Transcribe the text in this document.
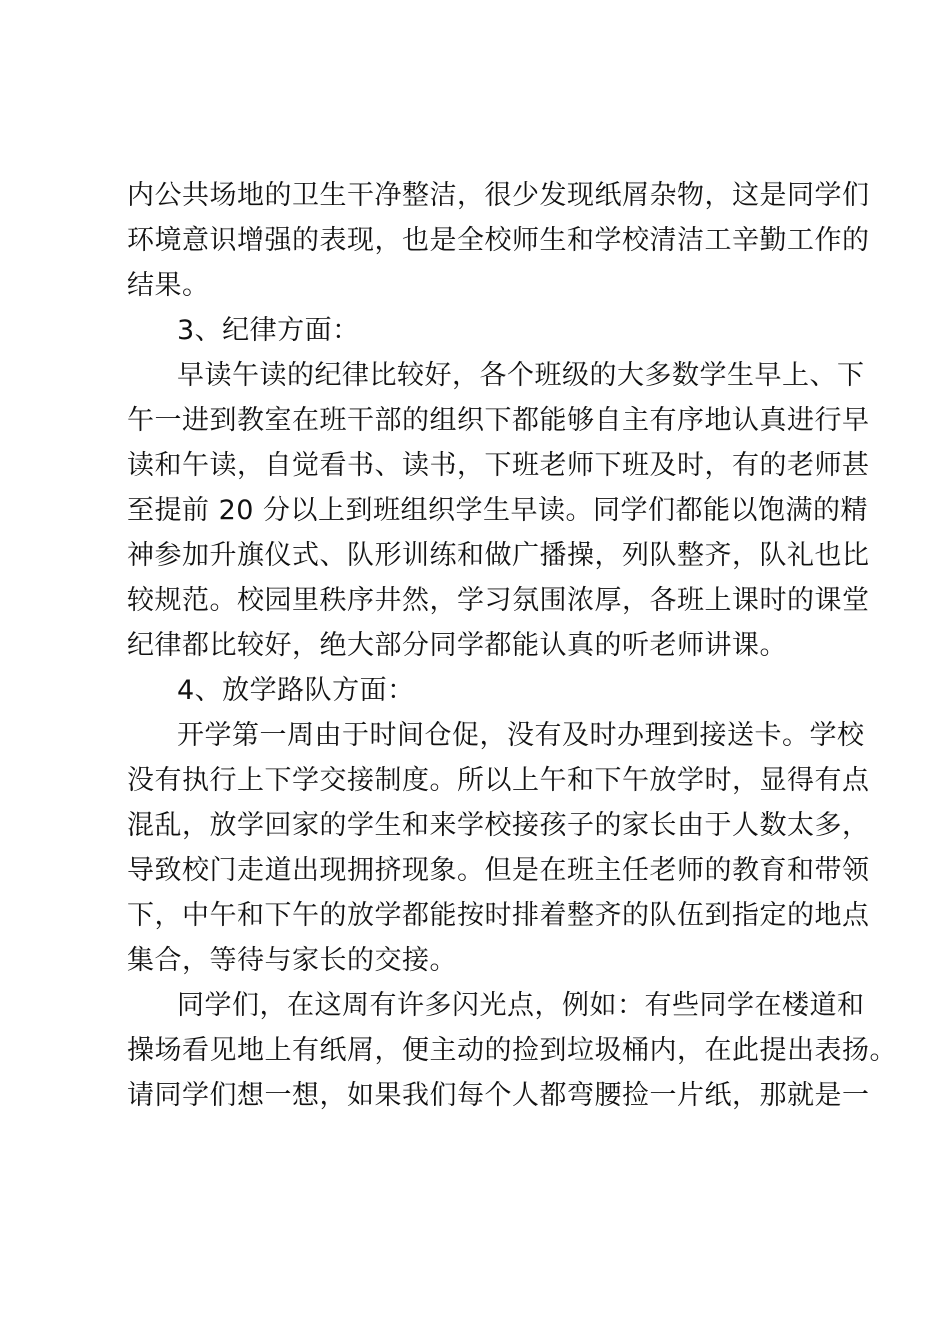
内公共场地的卫生干净整洁，很少发现纸屑杂物，这是同学们
环境意识增强的表现，也是全校师生和学校清洁工辛勤工作的
结果。
3、纪律方面：
早读午读的纪律比较好，各个班级的大多数学生早上、下
午一进到教室在班干部的组织下都能够自主有序地认真进行早
读和午读，自觉看书、读书，下班老师下班及时，有的老师甚
至提前 20 分以上到班组织学生早读。同学们都能以饱满的精
神参加升旗仪式、队形训练和做广播操，列队整齐，队礼也比
较规范。校园里秩序井然，学习氛围浓厚，各班上课时的课堂
纪律都比较好，绝大部分同学都能认真的听老师讲课。
4、放学路队方面：
开学第一周由于时间仓促，没有及时办理到接送卡。学校
没有执行上下学交接制度。所以上午和下午放学时，显得有点
混乱，放学回家的学生和来学校接孩子的家长由于人数太多，
导致校门走道出现拥挤现象。但是在班主任老师的教育和带领
下，中午和下午的放学都能按时排着整齐的队伍到指定的地点
集合，等待与家长的交接。
同学们，在这周有许多闪光点，例如：有些同学在楼道和
操场看见地上有纸屑，便主动的捡到垃圾桶内，在此提出表扬。
请同学们想一想，如果我们每个人都弯腰捡一片纸，那就是一
